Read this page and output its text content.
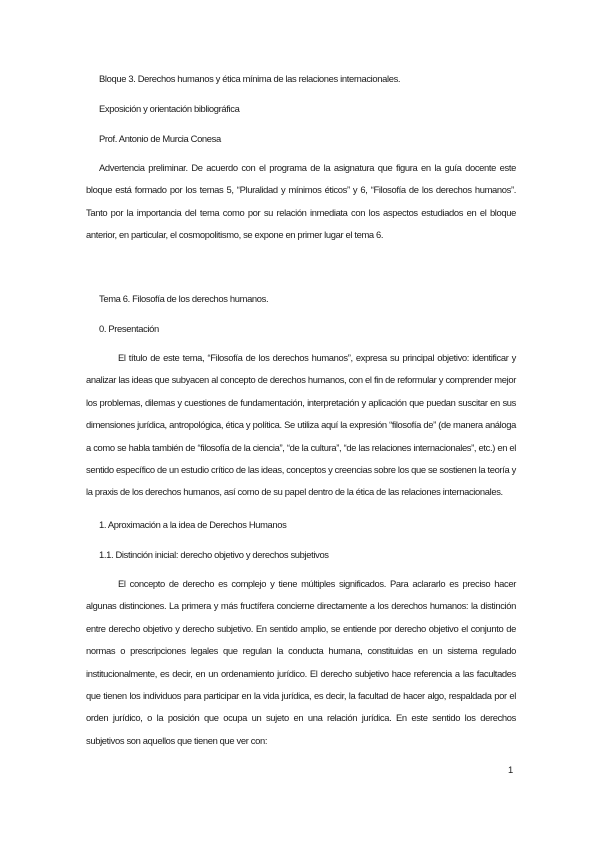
Bloque 3. Derechos humanos y ética mínima de las relaciones internacionales.
Exposición y orientación bibliográfica
Prof. Antonio de Murcia Conesa
Advertencia preliminar. De acuerdo con el programa de la asignatura que figura en la guía docente este bloque está formado por los temas 5, “Pluralidad y mínimos éticos” y 6, “Filosofía de los derechos humanos”. Tanto por la importancia del tema como por su relación inmediata con los aspectos estudiados en el bloque anterior, en particular, el cosmopolitismo, se expone en primer lugar el tema 6.
Tema 6. Filosofía de los derechos humanos.
0. Presentación
El título de este tema, “Filosofía de los derechos humanos”, expresa su principal objetivo: identificar y analizar las ideas que subyacen al concepto de derechos humanos, con el fin de reformular y comprender mejor los problemas, dilemas y cuestiones de fundamentación, interpretación y aplicación que puedan suscitar en sus dimensiones jurídica, antropológica, ética y política. Se utiliza aquí la expresión “filosofía de” (de manera análoga a como se habla también de “filosofía de la ciencia”, “de la cultura”, “de las relaciones internacionales”, etc.) en el sentido específico de un estudio crítico de las ideas, conceptos y creencias sobre los que se sostienen la teoría y la praxis de los derechos humanos, así como de su papel dentro de la ética de las relaciones internacionales.
1. Aproximación a la idea de Derechos Humanos
1.1. Distinción inicial: derecho objetivo y derechos subjetivos
El concepto de derecho es complejo y tiene múltiples significados. Para aclararlo es preciso hacer algunas distinciones. La primera y más fructífera concierne directamente a los derechos humanos: la distinción entre derecho objetivo y derecho subjetivo. En sentido amplio, se entiende por derecho objetivo el conjunto de normas o prescripciones legales que regulan la conducta humana, constituidas en un sistema regulado institucionalmente, es decir, en un ordenamiento jurídico. El derecho subjetivo hace referencia a las facultades que tienen los individuos para participar en la vida jurídica, es decir, la facultad de hacer algo, respaldada por el orden jurídico, o la posición que ocupa un sujeto en una relación jurídica. En este sentido los derechos subjetivos son aquellos que tienen que ver con:
1
